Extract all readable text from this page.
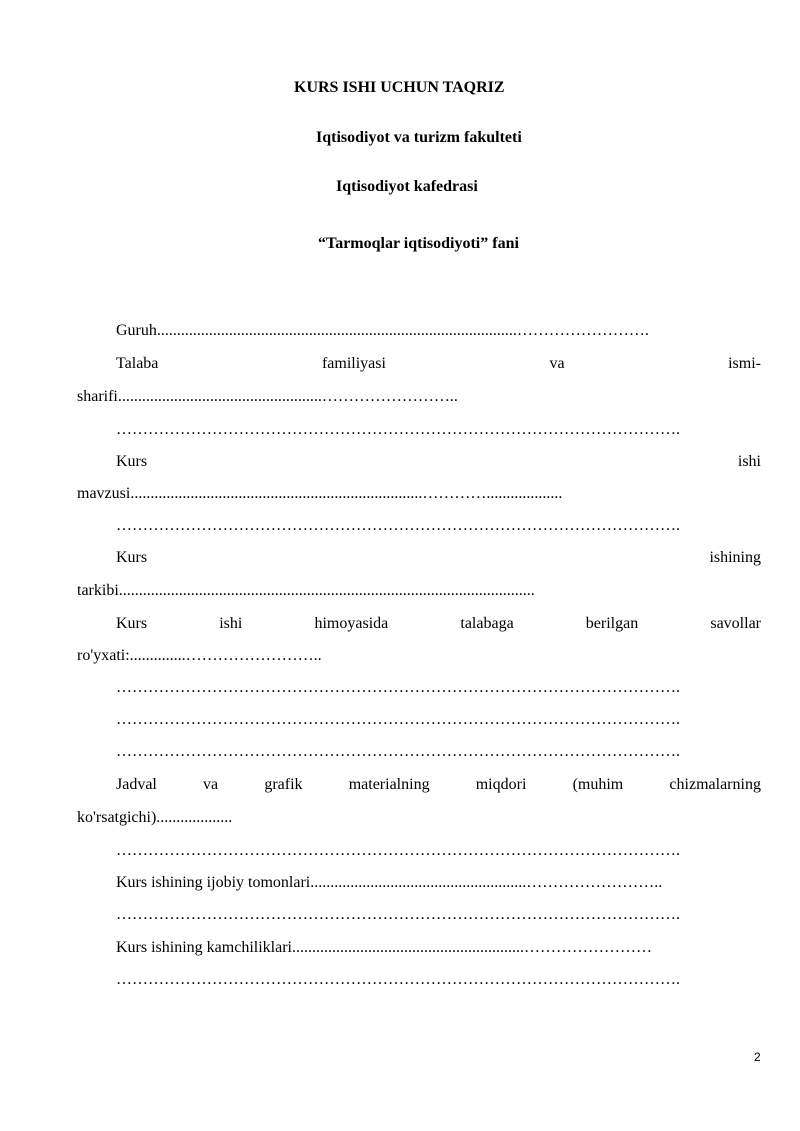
KURS ISHI UCHUN TAQRIZ
Iqtisodiyot va turizm fakulteti
Iqtisodiyot kafedrasi
“Tarmoqlar iqtisodiyoti” fani
Guruh..........................................................................................…………………….
Talaba	familiyasi	va	ismi-
sharifi...................................................……………………..
…………………………………………………………………………………………….
Kurs	ishi
mavzusi.........................................................................…………...................
…………………………………………………………………………………………….
Kurs	ishining
tarkibi........................................................................................................
Kurs	ishi	himoyasida	talabaga	berilgan	savollar
ro'yxati:..............……………………..
…………………………………………………………………………………………….
…………………………………………………………………………………………….
…………………………………………………………………………………………….
Jadval	va	grafik	materialning	miqdori	(muhim	chizmalarning
ko'rsatgichi)...................
…………………………………………………………………………………………….
Kurs ishining ijobiy tomonlari......................................................……………………..
…………………………………………………………………………………………….
Kurs ishining kamchiliklari..........................................................……………………
…………………………………………………………………………………………….
2
